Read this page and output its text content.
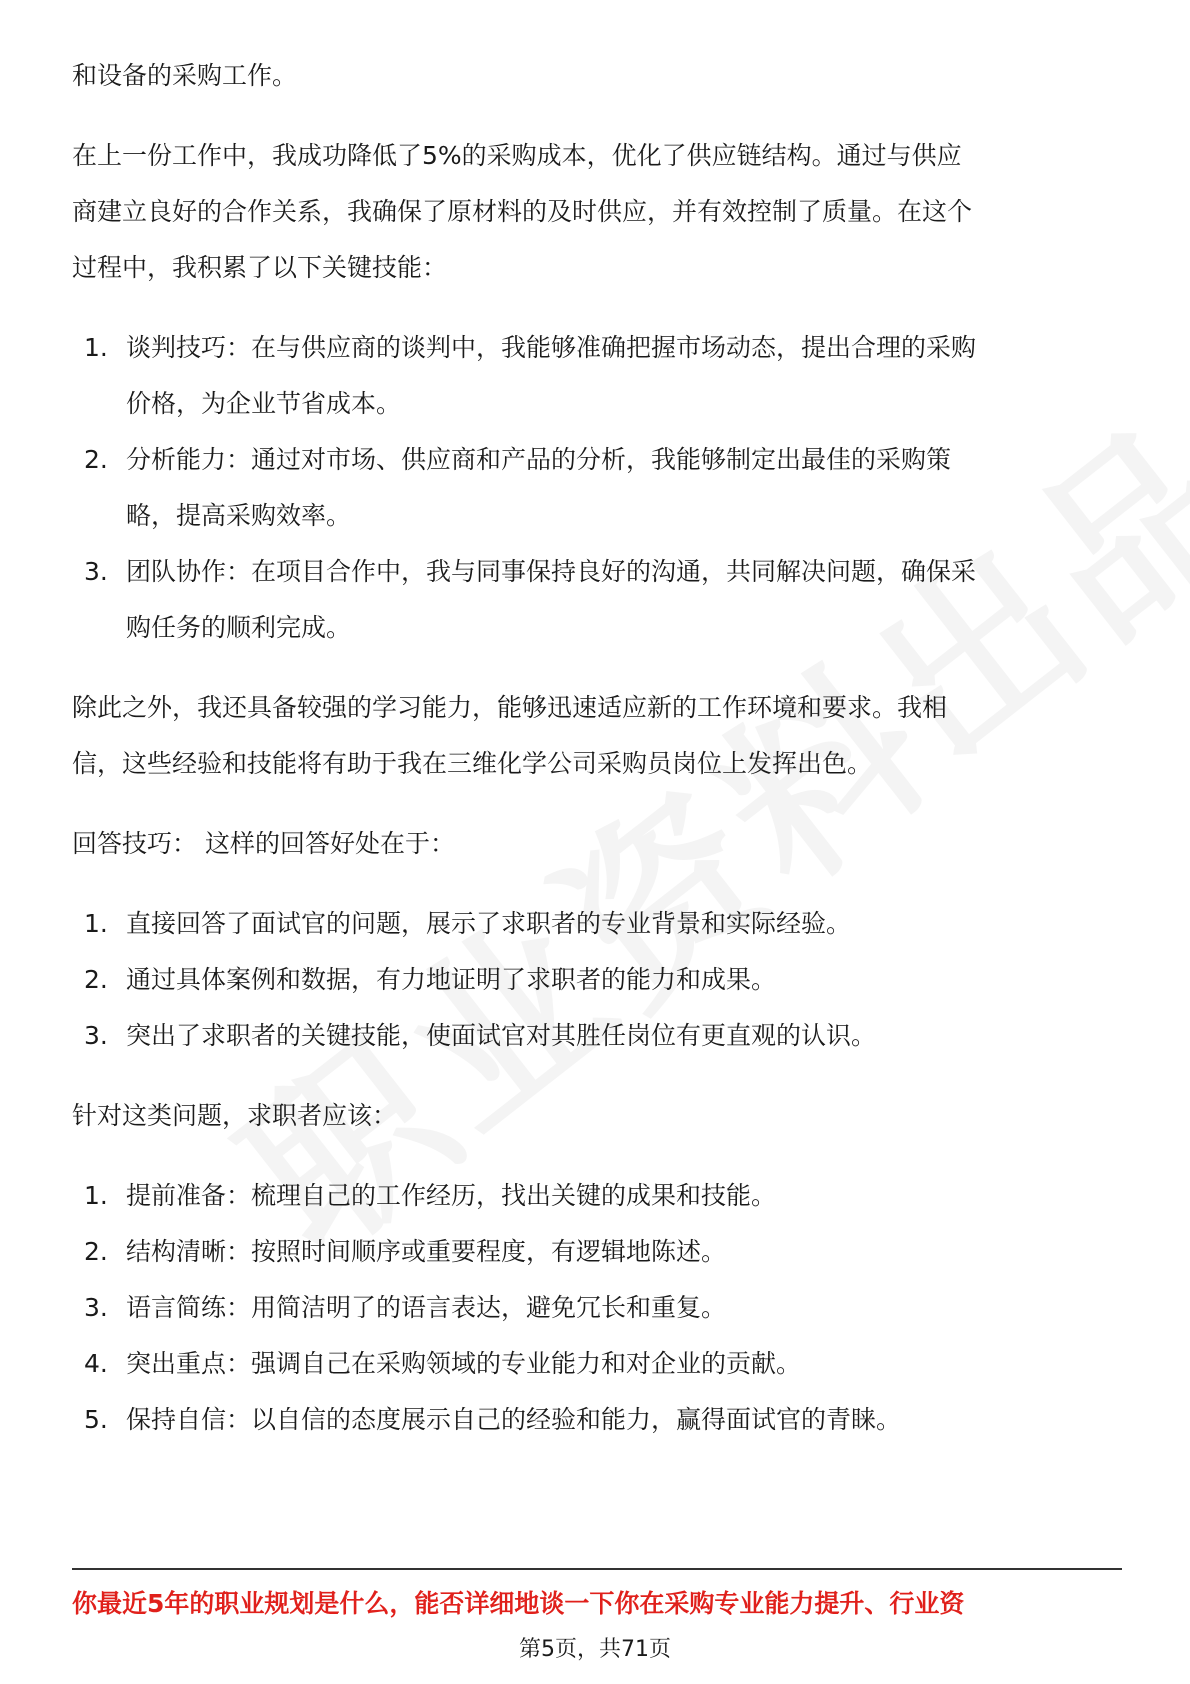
和设备的采购工作。

在上一份工作中，我成功降低了5%的采购成本，优化了供应链结构。通过与供应

商建立良好的合作关系，我确保了原材料的及时供应，并有效控制了质量。在这个

过程中，我积累了以下关键技能：

1. 谈判技巧：在与供应商的谈判中，我能够准确把握市场动态，提出合理的采购
价格，为企业节省成本。
2. 分析能力：通过对市场、供应商和产品的分析，我能够制定出最佳的采购策
略，提高采购效率。
3. 团队协作：在项目合作中，我与同事保持良好的沟通，共同解决问题，确保采
购任务的顺利完成。

除此之外，我还具备较强的学习能力，能够迅速适应新的工作环境和要求。我相

信，这些经验和技能将有助于我在三维化学公司采购员岗位上发挥出色。

回答技巧： 这样的回答好处在于：

1. 直接回答了面试官的问题，展示了求职者的专业背景和实际经验。
2. 通过具体案例和数据，有力地证明了求职者的能力和成果。
3. 突出了求职者的关键技能，使面试官对其胜任岗位有更直观的认识。

针对这类问题，求职者应该：

1. 提前准备：梳理自己的工作经历，找出关键的成果和技能。
2. 结构清晰：按照时间顺序或重要程度，有逻辑地陈述。
3. 语言简练：用简洁明了的语言表达，避免冗长和重复。
4. 突出重点：强调自己在采购领域的专业能力和对企业的贡献。
5. 保持自信：以自信的态度展示自己的经验和能力，赢得面试官的青睐。
你最近5年的职业规划是什么，能否详细地谈一下你在采购专业能力提升、行业资
第5页，共71页
